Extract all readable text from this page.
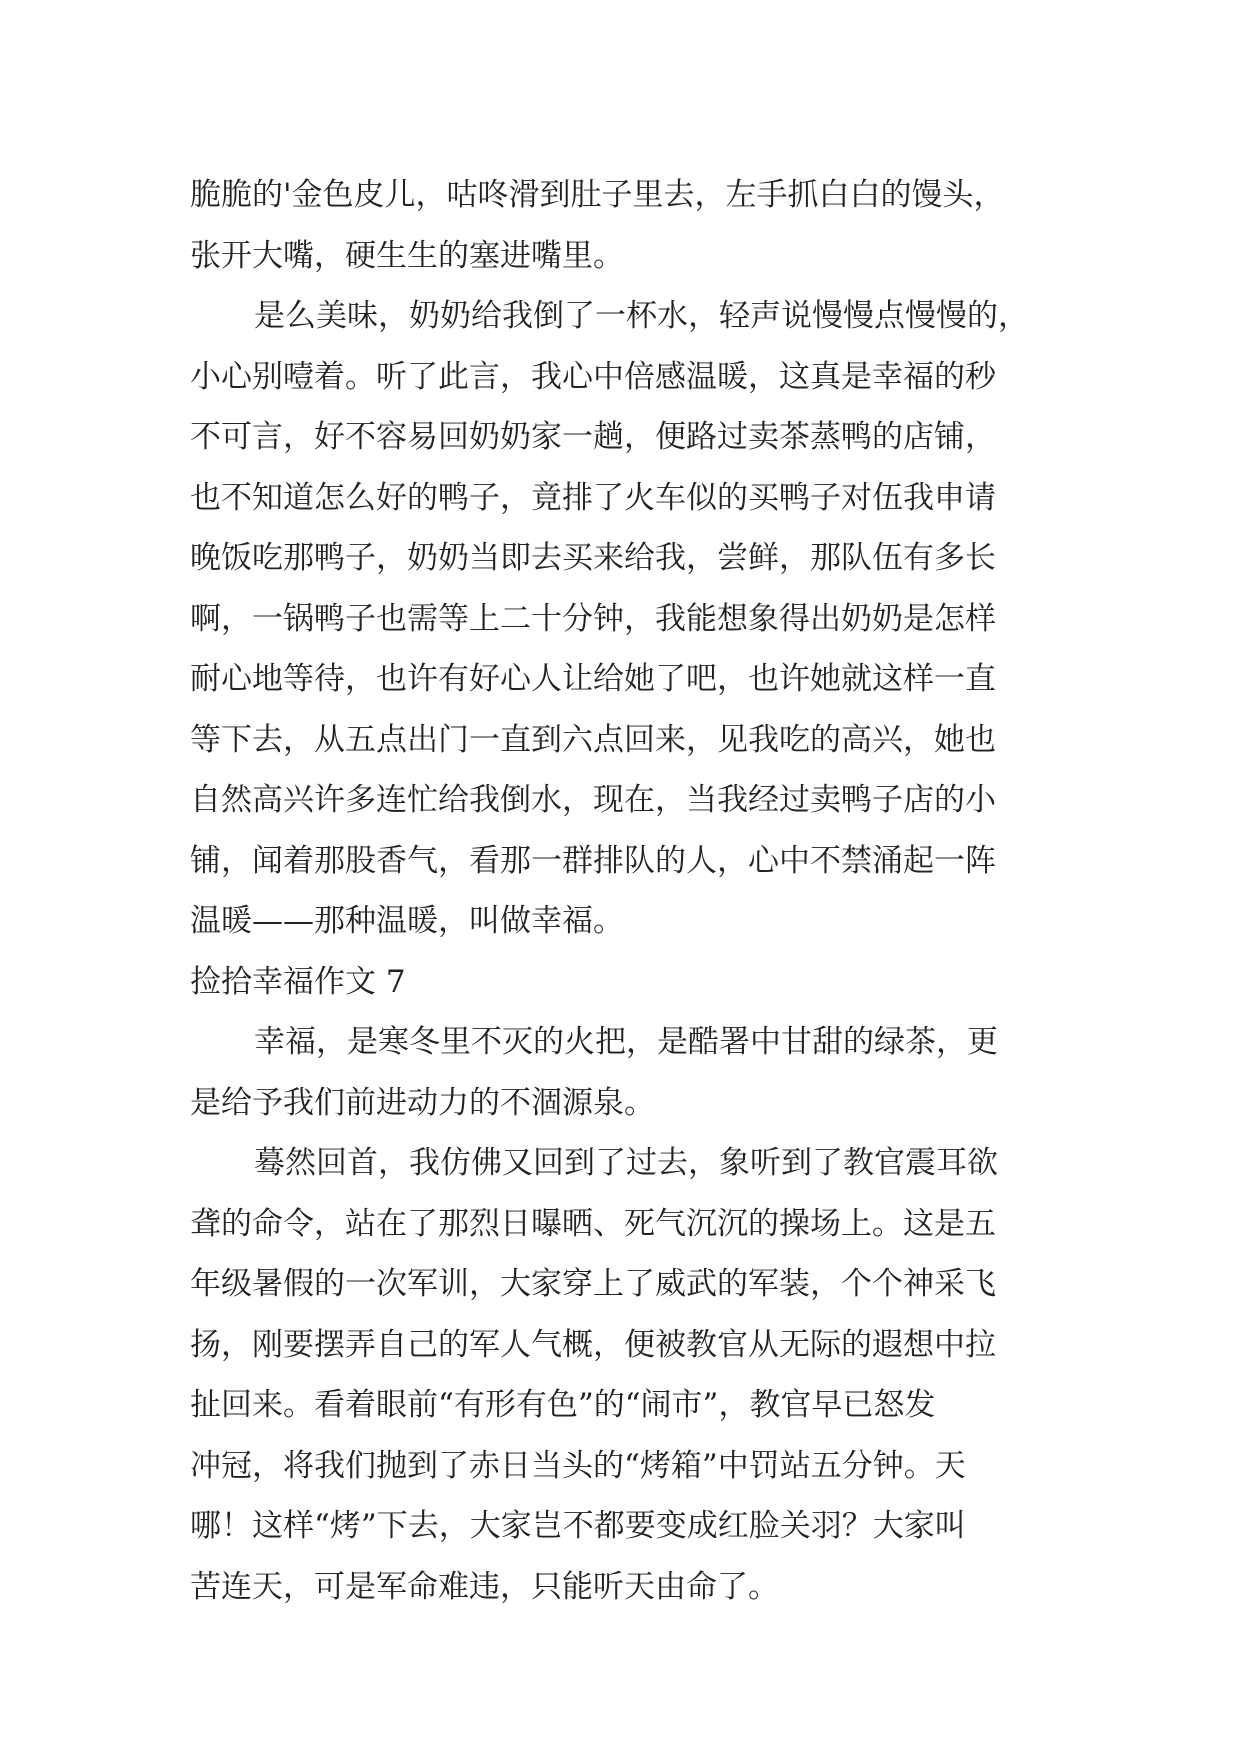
脆脆的'金色皮儿，咕咚滑到肚子里去，左手抓白白的馒头，
张开大嘴，硬生生的塞进嘴里。
是么美味，奶奶给我倒了一杯水，轻声说慢慢点慢慢的，
小心别噎着。听了此言，我心中倍感温暖，这真是幸福的秒
不可言，好不容易回奶奶家一趟，便路过卖茶蒸鸭的店铺，
也不知道怎么好的鸭子，竟排了火车似的买鸭子对伍我申请
晚饭吃那鸭子，奶奶当即去买来给我，尝鲜，那队伍有多长
啊，一锅鸭子也需等上二十分钟，我能想象得出奶奶是怎样
耐心地等待，也许有好心人让给她了吧，也许她就这样一直
等下去，从五点出门一直到六点回来，见我吃的高兴，她也
自然高兴许多连忙给我倒水，现在，当我经过卖鸭子店的小
铺，闻着那股香气，看那一群排队的人，心中不禁涌起一阵
温暖——那种温暖，叫做幸福。
捡拾幸福作文 7
幸福，是寒冬里不灭的火把，是酷署中甘甜的绿茶，更
是给予我们前进动力的不涸源泉。
蓦然回首，我仿佛又回到了过去，象听到了教官震耳欲
聋的命令，站在了那烈日曝晒、死气沉沉的操场上。这是五
年级暑假的一次军训，大家穿上了威武的军装，个个神采飞
扬，刚要摆弄自己的军人气概，便被教官从无际的遐想中拉
扯回来。看着眼前“有形有色”的“闹市”，教官早已怒发
冲冠，将我们抛到了赤日当头的“烤箱”中罚站五分钟。天
哪！这样“烤”下去，大家岂不都要变成红脸关羽？大家叫
苦连天，可是军命难违，只能听天由命了。
